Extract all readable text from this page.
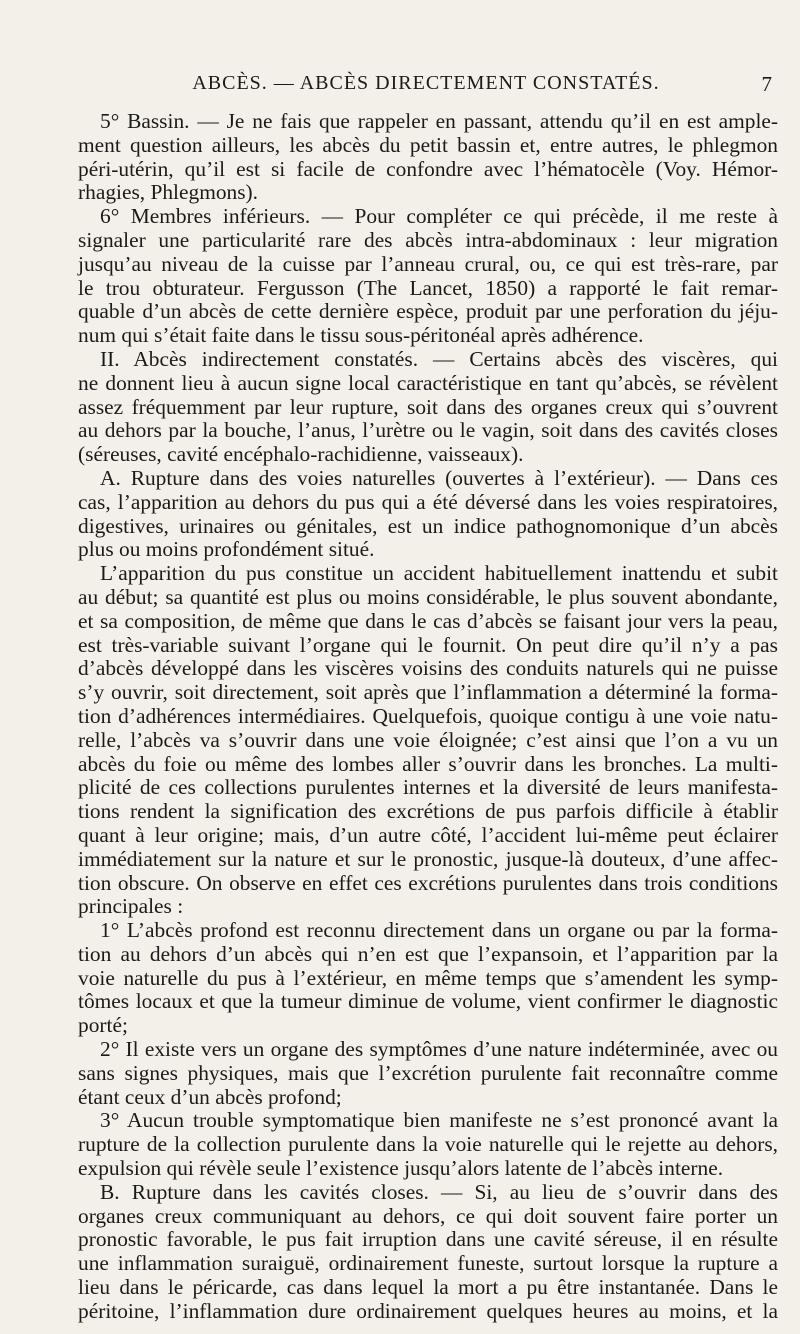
ABCÈS. — ABCÈS DIRECTEMENT CONSTATÉS.	7
5° Bassin. — Je ne fais que rappeler en passant, attendu qu’il en est ample-
ment question ailleurs, les abcès du petit bassin et, entre autres, le phlegmon
péri-utérin, qu’il est si facile de confondre avec l’hématocèle (Voy. Hémor-
rhagies, Phlegmons).
6° Membres inférieurs. — Pour compléter ce qui précède, il me reste à
signaler une particularité rare des abcès intra-abdominaux : leur migration
jusqu’au niveau de la cuisse par l’anneau crural, ou, ce qui est très-rare, par
le trou obturateur. Fergusson (The Lancet, 1850) a rapporté le fait remar-
quable d’un abcès de cette dernière espèce, produit par une perforation du jéju-
num qui s’était faite dans le tissu sous-péritonéal après adhérence.
II. Abcès indirectement constatés. — Certains abcès des viscères, qui
ne donnent lieu à aucun signe local caractéristique en tant qu’abcès, se révèlent
assez fréquemment par leur rupture, soit dans des organes creux qui s’ouvrent
au dehors par la bouche, l’anus, l’urètre ou le vagin, soit dans des cavités closes
(séreuses, cavité encéphalo-rachidienne, vaisseaux).
A. Rupture dans des voies naturelles (ouvertes à l’extérieur). — Dans ces
cas, l’apparition au dehors du pus qui a été déversé dans les voies respiratoires,
digestives, urinaires ou génitales, est un indice pathognomonique d’un abcès
plus ou moins profondément situé.
L’apparition du pus constitue un accident habituellement inattendu et subit
au début; sa quantité est plus ou moins considérable, le plus souvent abondante,
et sa composition, de même que dans le cas d’abcès se faisant jour vers la peau,
est très-variable suivant l’organe qui le fournit. On peut dire qu’il n’y a pas
d’abcès développé dans les viscères voisins des conduits naturels qui ne puisse
s’y ouvrir, soit directement, soit après que l’inflammation a déterminé la forma-
tion d’adhérences intermédiaires. Quelquefois, quoique contigu à une voie natu-
relle, l’abcès va s’ouvrir dans une voie éloignée; c’est ainsi que l’on a vu un
abcès du foie ou même des lombes aller s’ouvrir dans les bronches. La multi-
plicité de ces collections purulentes internes et la diversité de leurs manifesta-
tions rendent la signification des excrétions de pus parfois difficile à établir
quant à leur origine; mais, d’un autre côté, l’accident lui-même peut éclairer
immédiatement sur la nature et sur le pronostic, jusque-là douteux, d’une affec-
tion obscure. On observe en effet ces excrétions purulentes dans trois conditions
principales :
1° L’abcès profond est reconnu directement dans un organe ou par la forma-
tion au dehors d’un abcès qui n’en est que l’expansoin, et l’apparition par la
voie naturelle du pus à l’extérieur, en même temps que s’amendent les symp-
tômes locaux et que la tumeur diminue de volume, vient confirmer le diagnostic
porté;
2° Il existe vers un organe des symptômes d’une nature indéterminée, avec ou
sans signes physiques, mais que l’excrétion purulente fait reconnaître comme
étant ceux d’un abcès profond;
3° Aucun trouble symptomatique bien manifeste ne s’est prononcé avant la
rupture de la collection purulente dans la voie naturelle qui le rejette au dehors,
expulsion qui révèle seule l’existence jusqu’alors latente de l’abcès interne.
B. Rupture dans les cavités closes. — Si, au lieu de s’ouvrir dans des
organes creux communiquant au dehors, ce qui doit souvent faire porter un
pronostic favorable, le pus fait irruption dans une cavité séreuse, il en résulte
une inflammation suraiguë, ordinairement funeste, surtout lorsque la rupture a
lieu dans le péricarde, cas dans lequel la mort a pu être instantanée. Dans le
péritoine, l’inflammation dure ordinairement quelques heures au moins, et la
